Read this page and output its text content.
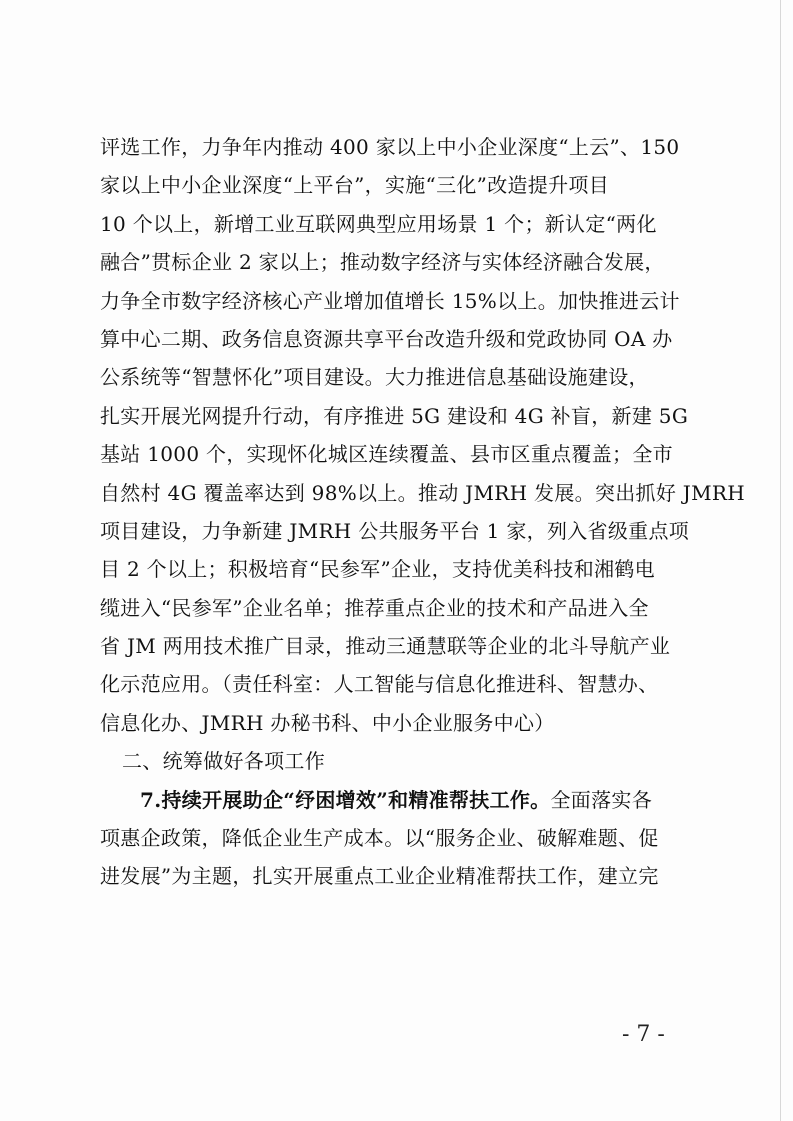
评选工作，力争年内推动 400 家以上中小企业深度“上云”、150
家以上中小企业深度“上平台”，实施“三化”改造提升项目
10 个以上，新增工业互联网典型应用场景 1 个；新认定“两化
融合”贯标企业 2 家以上；推动数字经济与实体经济融合发展，
力争全市数字经济核心产业增加值增长 15%以上。加快推进云计
算中心二期、政务信息资源共享平台改造升级和党政协同 OA 办
公系统等“智慧怀化”项目建设。大力推进信息基础设施建设，
扎实开展光网提升行动，有序推进 5G 建设和 4G 补盲，新建 5G
基站 1000 个，实现怀化城区连续覆盖、县市区重点覆盖；全市
自然村 4G 覆盖率达到 98%以上。推动 JMRH 发展。突出抓好 JMRH
项目建设，力争新建 JMRH 公共服务平台 1 家，列入省级重点项
目 2 个以上；积极培育“民参军”企业，支持优美科技和湘鹤电
缆进入“民参军”企业名单；推荐重点企业的技术和产品进入全
省 JM 两用技术推广目录，推动三通慧联等企业的北斗导航产业
化示范应用。（责任科室：人工智能与信息化推进科、智慧办、
信息化办、JMRH 办秘书科、中小企业服务中心）
二、统筹做好各项工作
7.持续开展助企“纾困增效”和精准帮扶工作。全面落实各
项惠企政策，降低企业生产成本。以“服务企业、破解难题、促
进发展”为主题，扎实开展重点工业企业精准帮扶工作，建立完
- 7 -
